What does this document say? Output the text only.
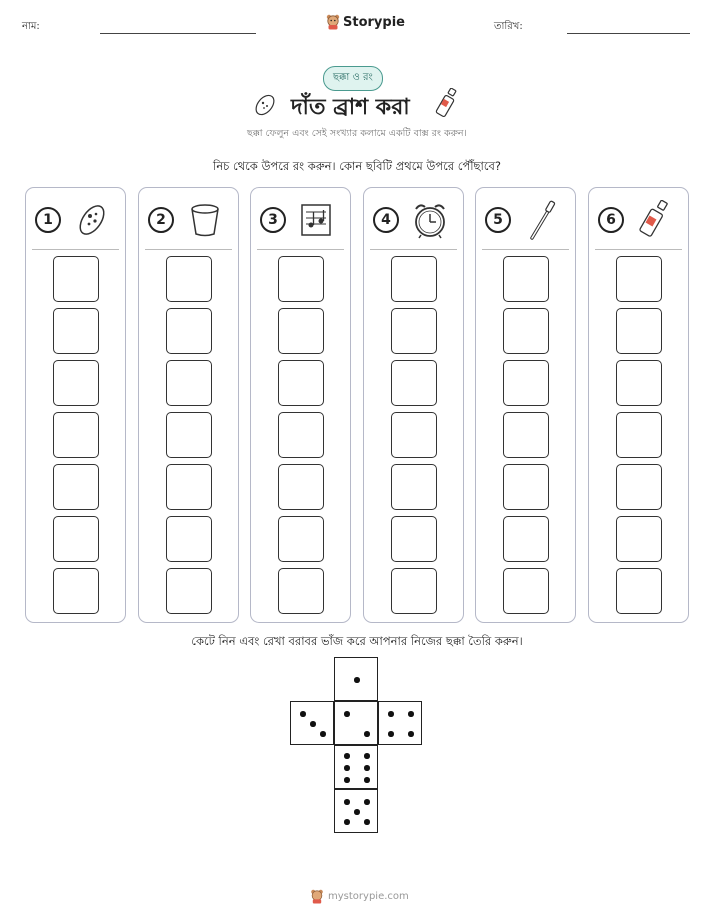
নাম:	Storypie	তারিখ:
ছক্কা ও রং
দাঁত ব্রাশ করা
ছক্কা ফেলুন এবং সেই সংখ্যার কলামে একটি বাক্স রং করুন।
নিচ থেকে উপরে রং করুন। কোন ছবিটি প্রথমে উপরে পৌঁছাবে?
1	2	3	4	5	6
কেটে নিন এবং রেখা বরাবর ভাঁজ করে আপনার নিজের ছক্কা তৈরি করুন।
mystorypie.com
